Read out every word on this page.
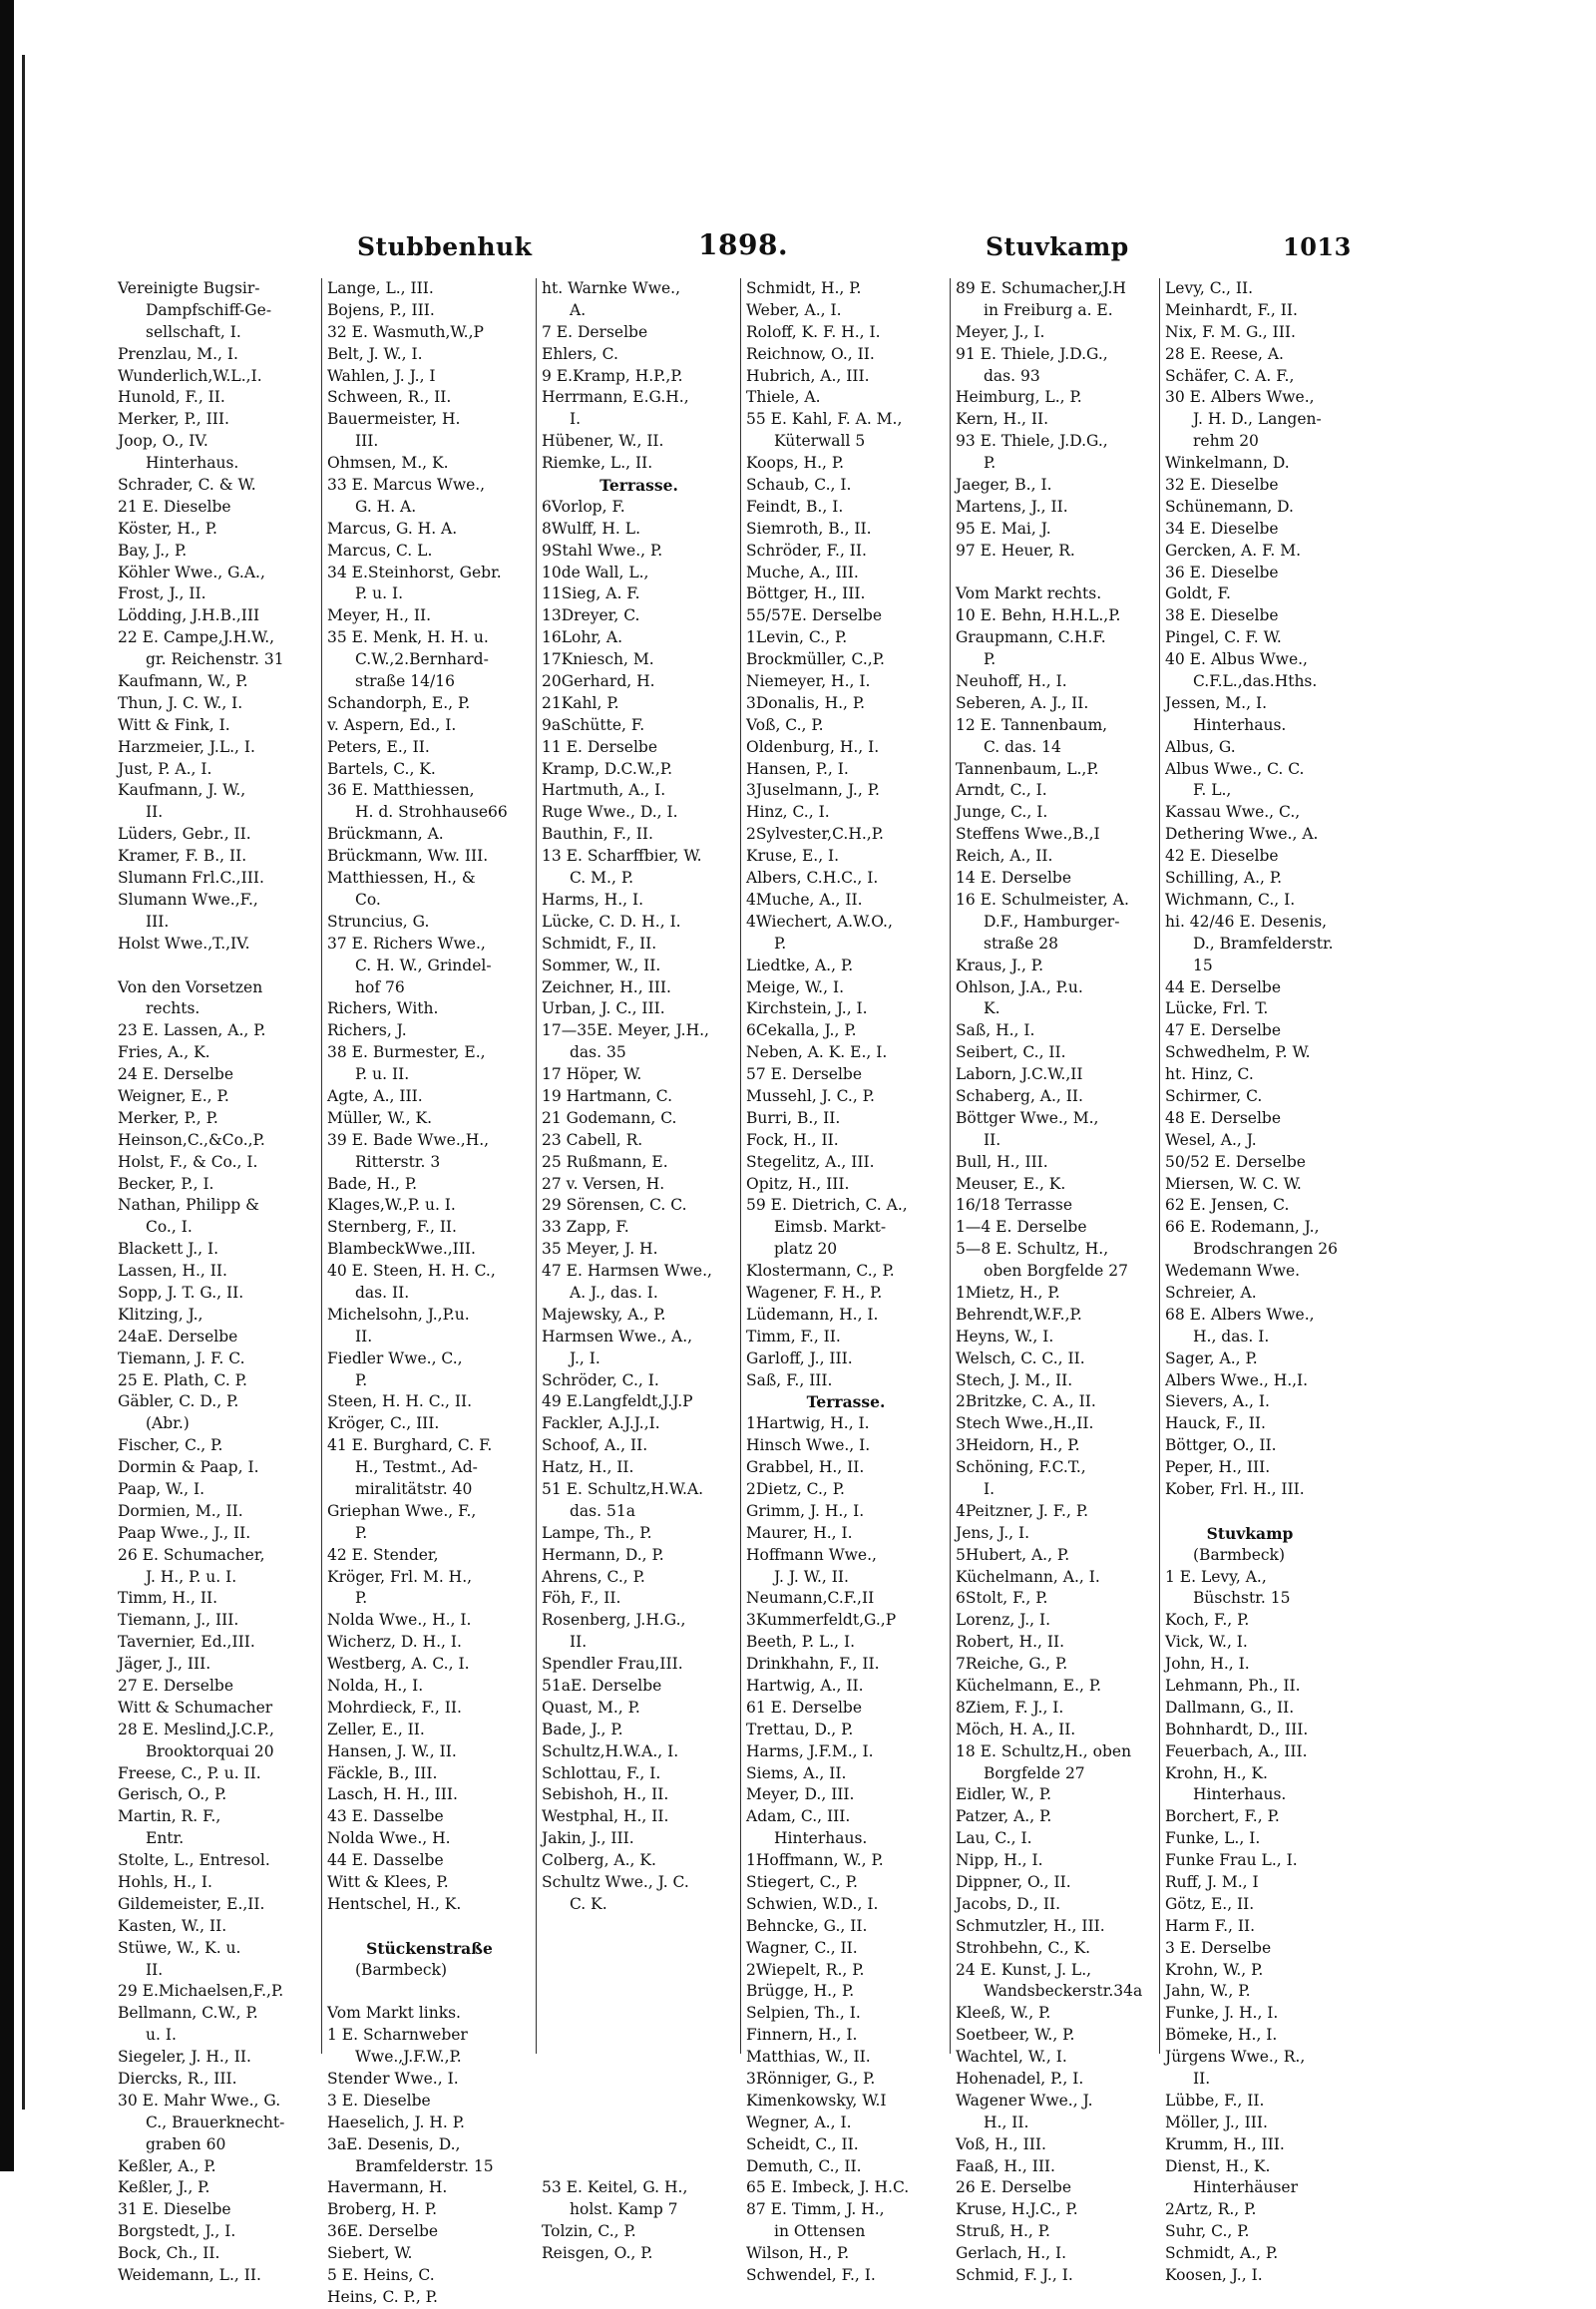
Stubbenhuk	1898.	Stuvkamp	1013
Vereinigte Bugsir-
Dampfschiff-Ge-
sellschaft, I.
Prenzlau, M., I.
Wunderlich,W.L.,I.
Hunold, F., II.
Merker, P., III.
Joop, O., IV.
Hinterhaus.
Schrader, C. & W.
21 E. Dieselbe
Köster, H., P.
Bay, J., P.
Köhler Wwe., G.A.,
Frost, J., II.
Lödding, J.H.B.,III
22 E. Campe,J.H.W.,
gr. Reichenstr. 31
Kaufmann, W., P.
Thun, J. C. W., I.
Witt & Fink, I.
Harzmeier, J.L., I.
Just, P. A., I.
Kaufmann, J. W.,
II.
Lüders, Gebr., II.
Kramer, F. B., II.
Slumann Frl.C.,III.
Slumann Wwe.,F.,
III.
Holst Wwe.,T.,IV.
Von den Vorsetzen
rechts.
23 E. Lassen, A., P.
Fries, A., K.
24 E. Derselbe
Weigner, E., P.
Merker, P., P.
Heinson,C.,&Co.,P.
Holst, F., & Co., I.
Becker, P., I.
Nathan, Philipp &
Co., I.
Blackett J., I.
Lassen, H., II.
Sopp, J. T. G., II.
Klitzing, J.,
24aE. Derselbe
Tiemann, J. F. C.
25 E. Plath, C. P.
Gäbler, C. D., P.
(Abr.)
Fischer, C., P.
Dormin & Paap, I.
Paap, W., I.
Dormien, M., II.
Paap Wwe., J., II.
26 E. Schumacher,
J. H., P. u. I.
Timm, H., II.
Tiemann, J., III.
Tavernier, Ed.,III.
Jäger, J., III.
27 E. Derselbe
Witt & Schumacher
28 E. Meslind,J.C.P.,
Brooktorquai 20
Freese, C., P. u. II.
Gerisch, O., P.
Martin, R. F.,
Entr.
Stolte, L., Entresol.
Hohls, H., I.
Gildemeister, E.,II.
Kasten, W., II.
Stüwe, W., K. u.
II.
29 E.Michaelsen,F.,P.
Bellmann, C.W., P.
u. I.
Siegeler, J. H., II.
Diercks, R., III.
30 E. Mahr Wwe., G.
C., Brauerknecht-
graben 60
Keßler, A., P.
Keßler, J., P.
31 E. Dieselbe
Borgstedt, J., I.
Bock, Ch., II.
Weidemann, L., II.
Lange, L., III.
Bojens, P., III.
32 E. Wasmuth,W.,P
Belt, J. W., I.
Wahlen, J. J., I
Schween, R., II.
Bauermeister, H.
III.
Ohmsen, M., K.
33 E. Marcus Wwe.,
G. H. A.
Marcus, G. H. A.
Marcus, C. L.
34 E.Steinhorst, Gebr.
P. u. I.
Meyer, H., II.
35 E. Menk, H. H. u.
C.W.,2.Bernhard-
straße 14/16
Schandorph, E., P.
v. Aspern, Ed., I.
Peters, E., II.
Bartels, C., K.
36 E. Matthiessen,
H. d. Strohhause66
Brückmann, A.
Brückmann, Ww. III.
Matthiessen, H., &
Co.
Struncius, G.
37 E. Richers Wwe.,
C. H. W., Grindel-
hof 76
Richers, With.
Richers, J.
38 E. Burmester, E.,
P. u. II.
Agte, A., III.
Müller, W., K.
39 E. Bade Wwe.,H.,
Ritterstr. 3
Bade, H., P.
Klages,W.,P. u. I.
Sternberg, F., II.
BlambeckWwe.,III.
40 E. Steen, H. H. C.,
das. II.
Michelsohn, J.,P.u.
II.
Fiedler Wwe., C.,
P.
Steen, H. H. C., II.
Kröger, C., III.
41 E. Burghard, C. F.
H., Testmt., Ad-
miralitätstr. 40
Griephan Wwe., F.,
P.
42 E. Stender,
Kröger, Frl. M. H.,
P.
Nolda Wwe., H., I.
Wicherz, D. H., I.
Westberg, A. C., I.
Nolda, H., I.
Mohrdieck, F., II.
Zeller, E., II.
Hansen, J. W., II.
Fäckle, B., III.
Lasch, H. H., III.
43 E. Dasselbe
Nolda Wwe., H.
44 E. Dasselbe
Witt & Klees, P.
Hentschel, H., K.
Stückenstraße
(Barmbeck)
Vom Markt links.
1 E. Scharnweber
Wwe.,J.F.W.,P.
Stender Wwe., I.
3 E. Dieselbe
Haeselich, J. H. P.
3aE. Desenis, D.,
Bramfelderstr. 15
Havermann, H.
Broberg, H. P.
36E. Derselbe
Siebert, W.
5 E. Heins, C.
Heins, C. P., P.
ht. Warnke Wwe.,
A.
7 E. Derselbe
Ehlers, C.
9 E.Kramp, H.P.,P.
Herrmann, E.G.H.,
I.
Hübener, W., II.
Riemke, L., II.
Terrasse.
6Vorlop, F.
8Wulff, H. L.
9Stahl Wwe., P.
10de Wall, L.,
11Sieg, A. F.
13Dreyer, C.
16Lohr, A.
17Kniesch, M.
20Gerhard, H.
21Kahl, P.
9aSchütte, F.
11 E. Derselbe
Kramp, D.C.W.,P.
Hartmuth, A., I.
Ruge Wwe., D., I.
Bauthin, F., II.
13 E. Scharffbier, W.
C. M., P.
Harms, H., I.
Lücke, C. D. H., I.
Schmidt, F., II.
Sommer, W., II.
Zeichner, H., III.
Urban, J. C., III.
17—35E. Meyer, J.H.,
das. 35
17 Höper, W.
19 Hartmann, C.
21 Godemann, C.
23 Cabell, R.
25 Rußmann, E.
27 v. Versen, H.
29 Sörensen, C. C.
33 Zapp, F.
35 Meyer, J. H.
47 E. Harmsen Wwe.,
A. J., das. I.
Majewsky, A., P.
Harmsen Wwe., A.,
J., I.
Schröder, C., I.
49 E.Langfeldt,J.J.P
Fackler, A.J.J.,I.
Schoof, A., II.
Hatz, H., II.
51 E. Schultz,H.W.A.
das. 51a
Lampe, Th., P.
Hermann, D., P.
Ahrens, C., P.
Föh, F., II.
Rosenberg, J.H.G.,
II.
Spendler Frau,III.
51aE. Derselbe
Quast, M., P.
Bade, J., P.
Schultz,H.W.A., I.
Schlottau, F., I.
Sebishoh, H., II.
Westphal, H., II.
Jakin, J., III.
Colberg, A., K.
Schultz Wwe., J. C.
C. K.
53 E. Keitel, G. H.,
holst. Kamp 7
Tolzin, C., P.
Reisgen, O., P.
Schmidt, H., P.
Weber, A., I.
Roloff, K. F. H., I.
Reichnow, O., II.
Hubrich, A., III.
Thiele, A.
55 E. Kahl, F. A. M.,
Küterwall 5
Koops, H., P.
Schaub, C., I.
Feindt, B., I.
Siemroth, B., II.
Schröder, F., II.
Muche, A., III.
Böttger, H., III.
55/57E. Derselbe
1Levin, C., P.
Brockmüller, C.,P.
Niemeyer, H., I.
3Donalis, H., P.
Voß, C., P.
Oldenburg, H., I.
Hansen, P., I.
3Juselmann, J., P.
Hinz, C., I.
2Sylvester,C.H.,P.
Kruse, E., I.
Albers, C.H.C., I.
4Muche, A., II.
4Wiechert, A.W.O.,
P.
Liedtke, A., P.
Meige, W., I.
Kirchstein, J., I.
6Cekalla, J., P.
Neben, A. K. E., I.
57 E. Derselbe
Mussehl, J. C., P.
Burri, B., II.
Fock, H., II.
Stegelitz, A., III.
Opitz, H., III.
59 E. Dietrich, C. A.,
Eimsb. Markt-
platz 20
Klostermann, C., P.
Wagener, F. H., P.
Lüdemann, H., I.
Timm, F., II.
Garloff, J., III.
Saß, F., III.
Terrasse.
1Hartwig, H., I.
Hinsch Wwe., I.
Grabbel, H., II.
2Dietz, C., P.
Grimm, J. H., I.
Maurer, H., I.
Hoffmann Wwe.,
J. J. W., II.
Neumann,C.F.,II
3Kummerfeldt,G.,P
Beeth, P. L., I.
Drinkhahn, F., II.
Hartwig, A., II.
61 E. Derselbe
Trettau, D., P.
Harms, J.F.M., I.
Siems, A., II.
Meyer, D., III.
Adam, C., III.
Hinterhaus.
1Hoffmann, W., P.
Stiegert, C., P.
Schwien, W.D., I.
Behncke, G., II.
Wagner, C., II.
2Wiepelt, R., P.
Brügge, H., P.
Selpien, Th., I.
Finnern, H., I.
Matthias, W., II.
3Rönniger, G., P.
Kimenkowsky, W.I
Wegner, A., I.
Scheidt, C., II.
Demuth, C., II.
65 E. Imbeck, J. H.C.
87 E. Timm, J. H.,
in Ottensen
Wilson, H., P.
Schwendel, F., I.
89 E. Schumacher,J.H
in Freiburg a. E.
Meyer, J., I.
91 E. Thiele, J.D.G.,
das. 93
Heimburg, L., P.
Kern, H., II.
93 E. Thiele, J.D.G.,
P.
Jaeger, B., I.
Martens, J., II.
95 E. Mai, J.
97 E. Heuer, R.
Vom Markt rechts.
10 E. Behn, H.H.L.,P.
Graupmann, C.H.F.
P.
Neuhoff, H., I.
Seberen, A. J., II.
12 E. Tannenbaum,
C. das. 14
Tannenbaum, L.,P.
Arndt, C., I.
Junge, C., I.
Steffens Wwe.,B.,I
Reich, A., II.
14 E. Derselbe
16 E. Schulmeister, A.
D.F., Hamburger-
straße 28
Kraus, J., P.
Ohlson, J.A., P.u.
K.
Saß, H., I.
Seibert, C., II.
Laborn, J.C.W.,II
Schaberg, A., II.
Böttger Wwe., M.,
II.
Bull, H., III.
Meuser, E., K.
16/18 Terrasse
1—4 E. Derselbe
5—8 E. Schultz, H.,
oben Borgfelde 27
1Mietz, H., P.
Behrendt,W.F.,P.
Heyns, W., I.
Welsch, C. C., II.
Stech, J. M., II.
2Britzke, C. A., II.
Stech Wwe.,H.,II.
3Heidorn, H., P.
Schöning, F.C.T.,
I.
4Peitzner, J. F., P.
Jens, J., I.
5Hubert, A., P.
Küchelmann, A., I.
6Stolt, F., P.
Lorenz, J., I.
Robert, H., II.
7Reiche, G., P.
Küchelmann, E., P.
8Ziem, F. J., I.
Möch, H. A., II.
18 E. Schultz,H., oben
Borgfelde 27
Eidler, W., P.
Patzer, A., P.
Lau, C., I.
Nipp, H., I.
Dippner, O., II.
Jacobs, D., II.
Schmutzler, H., III.
Strohbehn, C., K.
24 E. Kunst, J. L.,
Wandsbeckerstr.34a
Kleeß, W., P.
Soetbeer, W., P.
Wachtel, W., I.
Hohenadel, P., I.
Wagener Wwe., J.
H., II.
Voß, H., III.
Faaß, H., III.
26 E. Derselbe
Kruse, H.J.C., P.
Struß, H., P.
Gerlach, H., I.
Schmid, F. J., I.
Levy, C., II.
Meinhardt, F., II.
Nix, F. M. G., III.
28 E. Reese, A.
Schäfer, C. A. F.,
30 E. Albers Wwe.,
J. H. D., Langen-
rehm 20
Winkelmann, D.
32 E. Dieselbe
Schünemann, D.
34 E. Dieselbe
Gercken, A. F. M.
36 E. Dieselbe
Goldt, F.
38 E. Dieselbe
Pingel, C. F. W.
40 E. Albus Wwe.,
C.F.L.,das.Hths.
Jessen, M., I.
Hinterhaus.
Albus, G.
Albus Wwe., C. C.
F. L.,
Kassau Wwe., C.,
Dethering Wwe., A.
42 E. Dieselbe
Schilling, A., P.
Wichmann, C., I.
hi. 42/46 E. Desenis,
D., Bramfelderstr.
15
44 E. Derselbe
Lücke, Frl. T.
47 E. Derselbe
Schwedhelm, P. W.
ht. Hinz, C.
Schirmer, C.
48 E. Derselbe
Wesel, A., J.
50/52 E. Derselbe
Miersen, W. C. W.
62 E. Jensen, C.
66 E. Rodemann, J.,
Brodschrangen 26
Wedemann Wwe.
Schreier, A.
68 E. Albers Wwe.,
H., das. I.
Sager, A., P.
Albers Wwe., H.,I.
Sievers, A., I.
Hauck, F., II.
Böttger, O., II.
Peper, H., III.
Kober, Frl. H., III.
Stuvkamp
(Barmbeck)
1 E. Levy, A.,
Büschstr. 15
Koch, F., P.
Vick, W., I.
John, H., I.
Lehmann, Ph., II.
Dallmann, G., II.
Bohnhardt, D., III.
Feuerbach, A., III.
Krohn, H., K.
Hinterhaus.
Borchert, F., P.
Funke, L., I.
Funke Frau L., I.
Ruff, J. M., I
Götz, E., II.
Harm F., II.
3 E. Derselbe
Krohn, W., P.
Jahn, W., P.
Funke, J. H., I.
Bömeke, H., I.
Jürgens Wwe., R.,
II.
Lübbe, F., II.
Möller, J., III.
Krumm, H., III.
Dienst, H., K.
Hinterhäuser
2Artz, R., P.
Suhr, C., P.
Schmidt, A., P.
Koosen, J., I.
